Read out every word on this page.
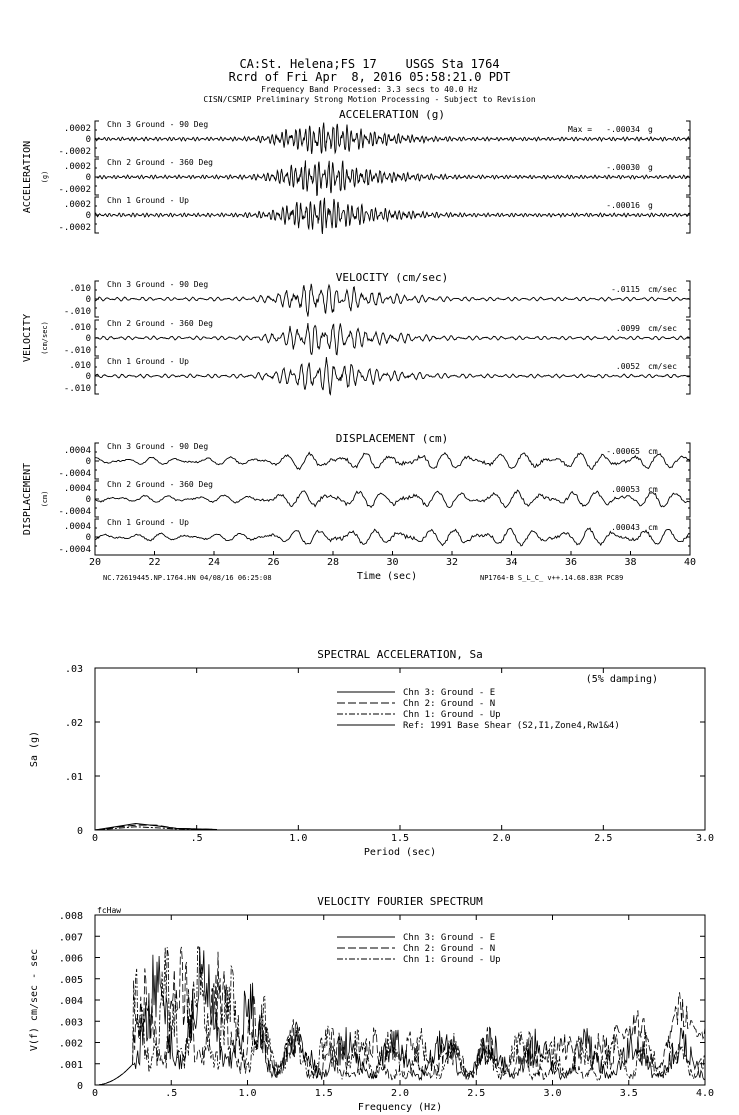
CA:St. Helena;FS 17    USGS Sta 1764
Rcrd of Fri Apr  8, 2016 05:58:21.0 PDT
Frequency Band Processed: 3.3 secs to 40.0 Hz
CISN/CSMIP Preliminary Strong Motion Processing - Subject to Revision
ACCELERATION (g)
ACCELERATION (g)
.0002
0
-.0002
Chn 3 Ground - 90 Deg
Max = -.00034 g
.0002
0
-.0002
Chn 2 Ground - 360 Deg
-.00030 g
.0002
0
-.0002
Chn 1 Ground - Up
-.00016 g
VELOCITY (cm/sec)
VELOCITY (cm/sec)
.010
0
-.010
Chn 3 Ground - 90 Deg
-.0115 cm/sec
.010
0
-.010
Chn 2 Ground - 360 Deg
.0099 cm/sec
.010
0
-.010
Chn 1 Ground - Up
.0052 cm/sec
DISPLACEMENT (cm)
DISPLACEMENT (cm)
.0004
0
-.0004
Chn 3 Ground - 90 Deg
-.00065 cm
.0004
0
-.0004
Chn 2 Ground - 360 Deg
.00053 cm
.0004
0
-.0004
Chn 1 Ground - Up
.00043 cm
20	22	24	26	28	30	32	34	36	38	40
Time (sec)
NC.72619445.NP.1764.HN 04/08/16 06:25:08	NP1764-B S_L_C_ v++.14.68.83R PC89
SPECTRAL ACCELERATION, Sa
0	.5	1.0	1.5	2.0	2.5	3.0
0
.01
.02
.03
Period (sec)
Sa (g)
(5% damping)
Chn 3: Ground - E
Chn 2: Ground - N
Chn 1: Ground - Up
Ref: 1991 Base Shear (S2,I1,Zone4,Rw1&4)
VELOCITY FOURIER SPECTRUM
0	.5	1.0	1.5	2.0	2.5	3.0	3.5	4.0
0
.001
.002
.003
.004
.005
.006
.007
.008
Frequency (Hz)
V(f) cm/sec - sec
fcHaw
Chn 3: Ground - E
Chn 2: Ground - N
Chn 1: Ground - Up
